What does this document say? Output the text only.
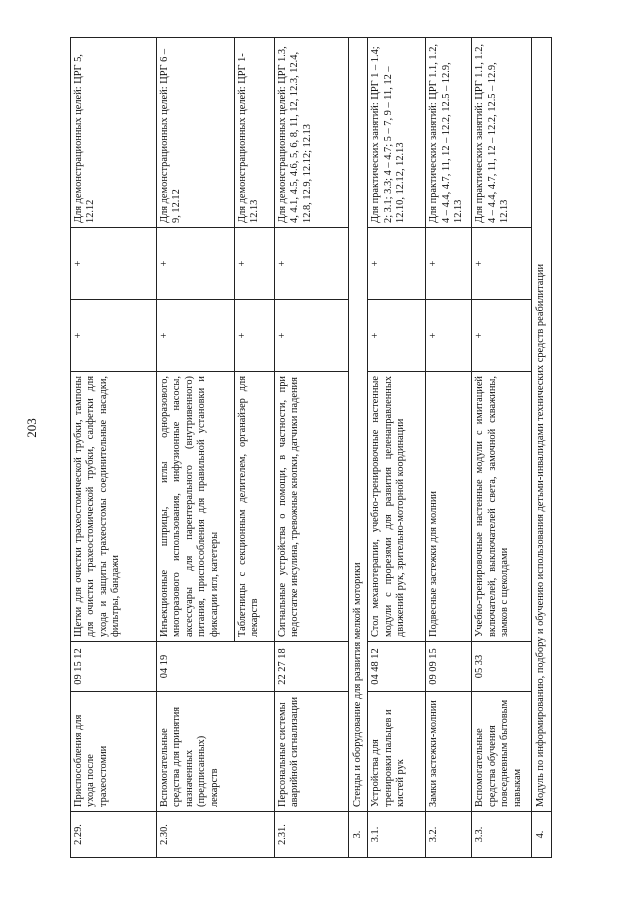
203
2.29.	Приспособления для ухода после трахеостомии	09 15 12	Щетки для очистки трахеостомической трубки, тампоны для очистки трахеостомической трубки, салфетки для ухода и защиты трахеостомы соединительные насадки, фильтры, бандажи	+	+	Для демонстрационных целей: ЦРГ 5, 12.12
2.30.	Вспомогательные средства для принятия назначенных (предписанных) лекарств	04 19	Инъекционные шприцы, иглы одноразового, многоразового использования, инфузионные насосы, аксессуары для парентерального (внутривенного) питания, приспособления для правильной установки и фиксации игл, катетеры	+	+	Для демонстрационных целей: ЦРГ 6 – 9, 12.12
			Таблетницы с секционным делителем, органайзер для лекарств	+	+	Для демонстрационных целей: ЦРГ 1-12.13
2.31.	Персональные системы аварийной сигнализации	22 27 18	Сигнальные устройства о помощи, в частности, при недостатке инсулина, тревожные кнопки, датчики падения	+	+	Для демонстрационных целей: ЦРГ 1.3, 4, 4.1, 4.5, 4.6, 5, 6, 8, 11, 12, 12.3, 12.4, 12.8, 12.9, 12.12; 12.13
3.	Стенды и оборудование для развития мелкой моторики					
3.1.	Устройства для тренировки пальцев и кистей рук	04 48 12	Стол механотерапии, учебно-тренировочные настенные модули с прорезями для развития целенаправленных движений рук, зрительно-моторной координации	+	+	Для практических занятий: ЦРГ 1 – 1.4; 2; 3.1; 3.3; 4 – 4.7; 5 – 7, 9 – 11, 12 – 12.10, 12.12, 12.13
3.2.	Замки застежки-молнии	09 09 15	Подвесные застежки для молнии	+	+	Для практических занятий: ЦРГ 1.1, 1.2, 4 – 4.4, 4.7, 11, 12 – 12.2, 12.5 – 12.9, 12.13
3.3.	Вспомогательные средства обучения повседневным бытовым навыкам	05 33	Учебно-тренировочные настенные модули с имитацией включателей, выключателей света, замочной скважины, замков с щеколдами	+	+	Для практических занятий: ЦРГ 1.1, 1.2, 4 – 4.4, 4.7, 11, 12 – 12.2, 12.5 – 12.9, 12.13
4.	Модуль по информированию, подбору и обучению использования детьми-инвалидами технических средств реабилитации					
